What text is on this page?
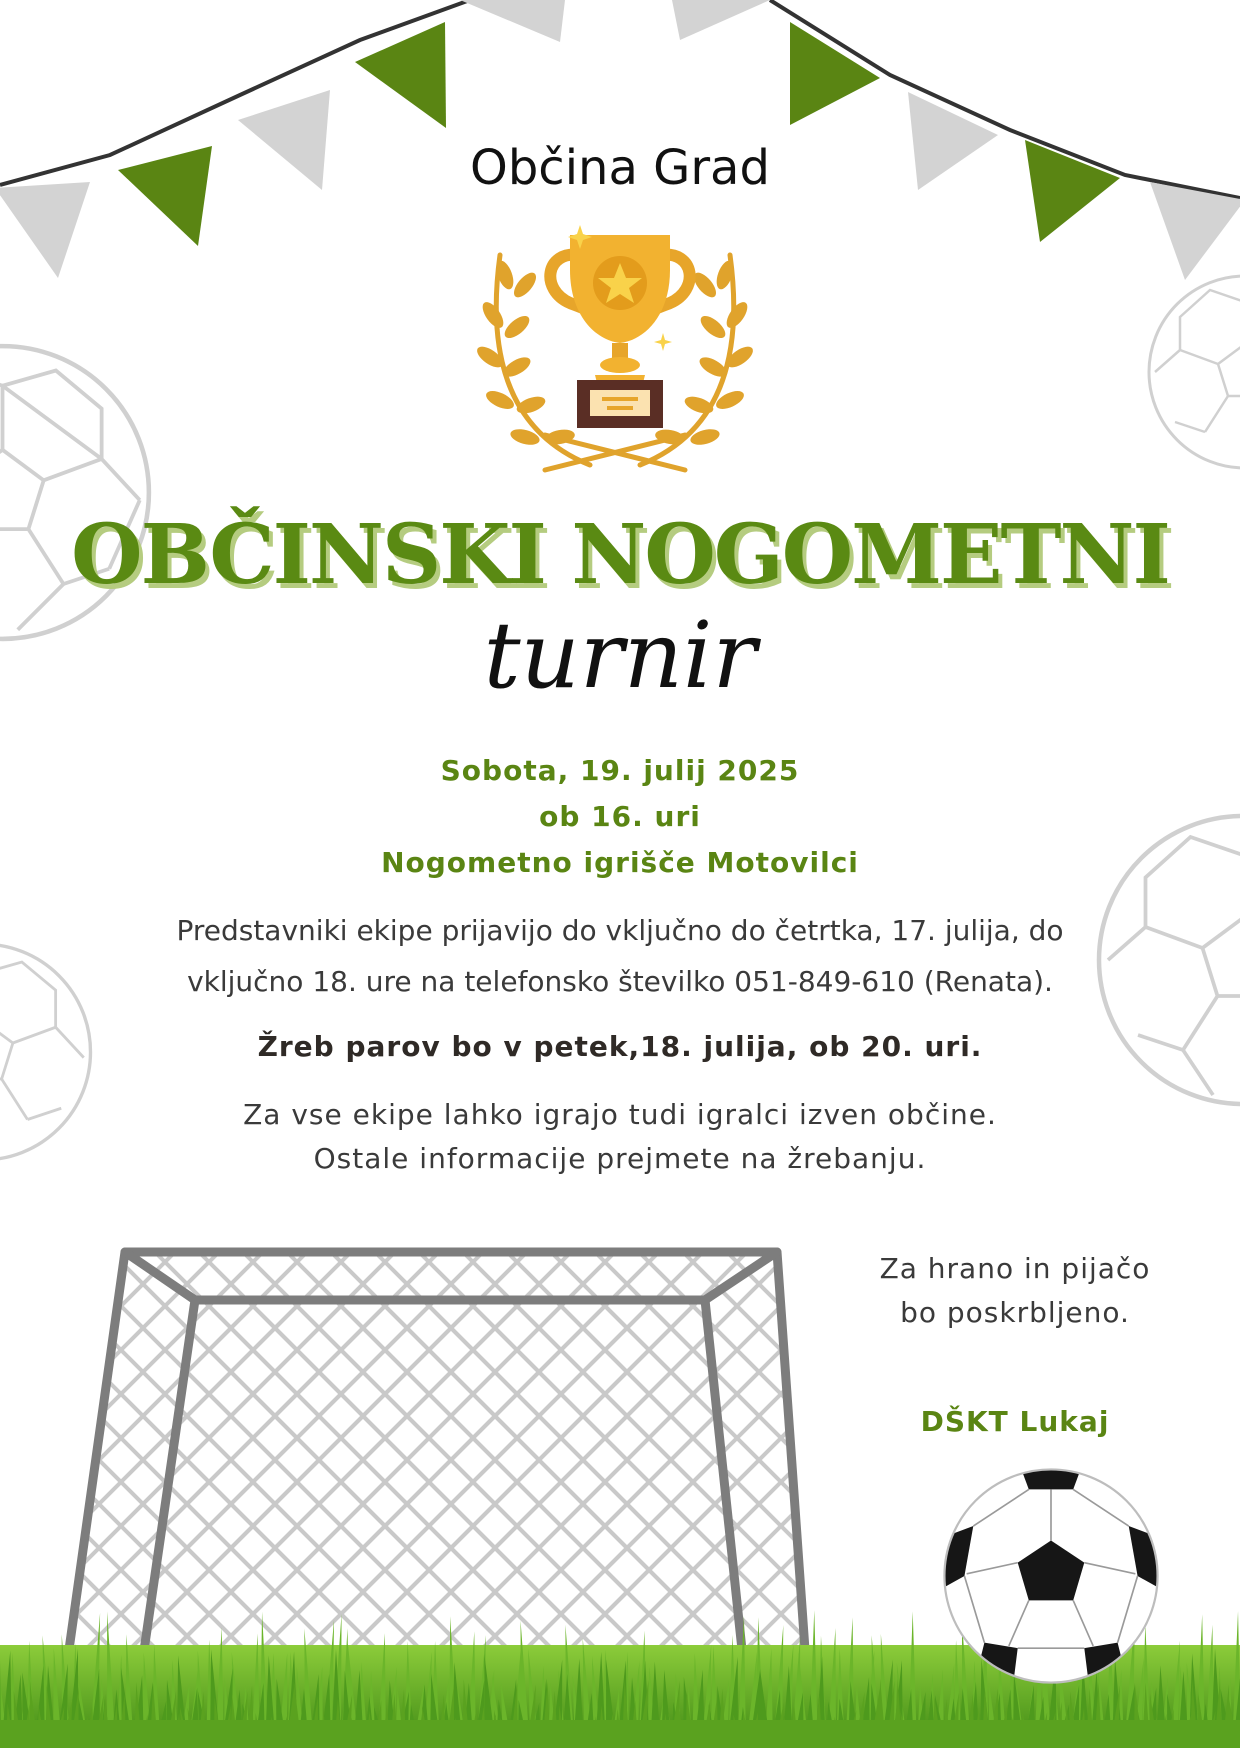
Občina Grad
OBČINSKI NOGOMETNI
turnir
Sobota, 19. julij 2025
ob 16. uri
Nogometno igrišče Motovilci
Predstavniki ekipe prijavijo do vključno do četrtka, 17. julija, do
vključno 18. ure na telefonsko številko 051-849-610 (Renata).
Žreb parov bo v petek,18. julija, ob 20. uri.
Za vse ekipe lahko igrajo tudi igralci izven občine.
Ostale informacije prejmete na žrebanju.
Za hrano in pijačo
bo poskrbljeno.
DŠKT Lukaj
